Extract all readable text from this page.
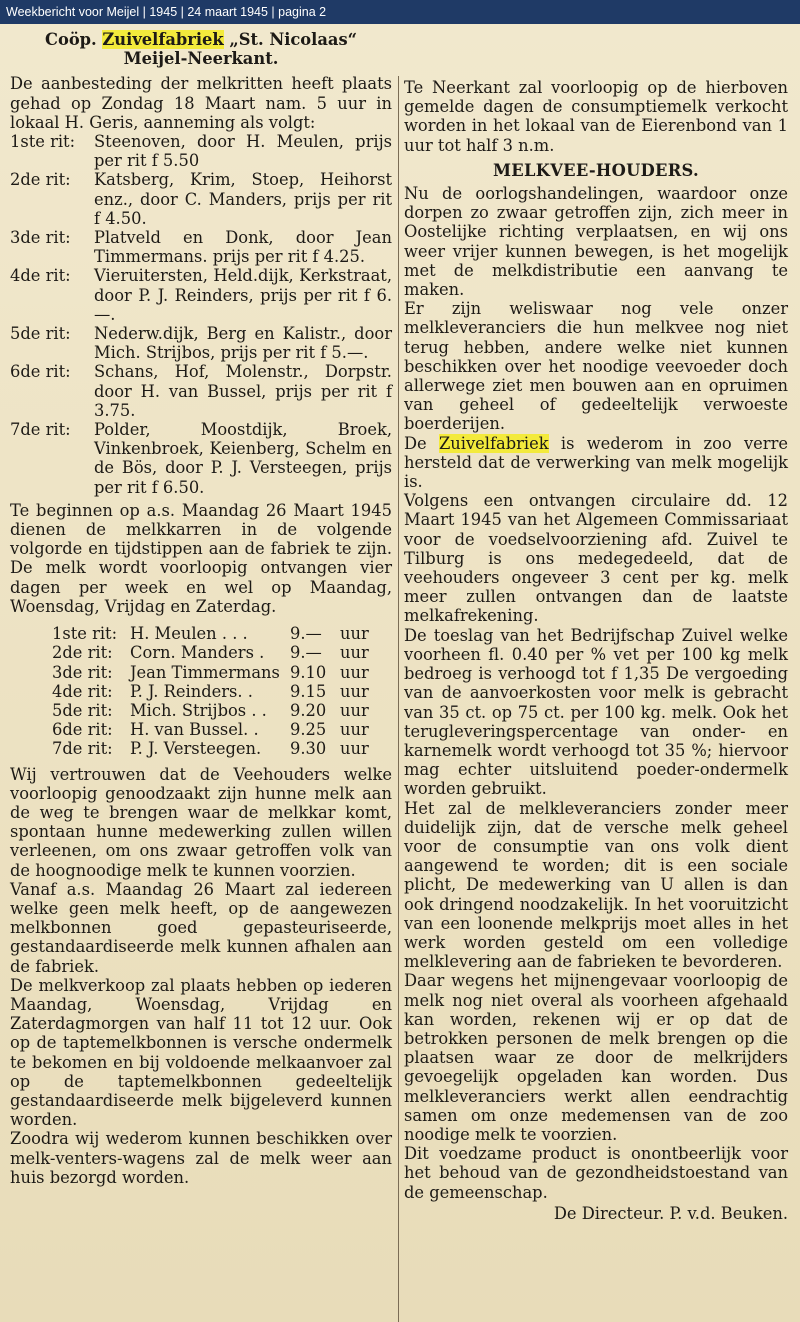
Weekbericht voor Meijel | 1945 | 24 maart 1945 | pagina 2
Coöp. Zuivelfabriek „St. Nicolaas“
Meijel-Neerkant.

De aanbesteding der melkritten heeft plaats gehad op Zondag 18 Maart nam. 5 uur in lokaal H. Geris, aanneming als volgt:

1ste rit:	Steenoven, door H. Meulen, prijs per rit f 5.50
2de rit:	Katsberg, Krim, Stoep, Heihorst enz., door C. Manders, prijs per rit f 4.50.
3de rit:	Platveld en Donk, door Jean Timmermans. prijs per rit f 4.25.
4de rit:	Vieruitersten, Held.dijk, Kerkstraat, door P. J. Reinders, prijs per rit f 6.—.
5de rit:	Nederw.dijk, Berg en Kalistr., door Mich. Strijbos, prijs per rit f 5.—.
6de rit:	Schans, Hof, Molenstr., Dorpstr. door H. van Bussel, prijs per rit f 3.75.
7de rit:	Polder, Moostdijk, Broek, Vinkenbroek, Keienberg, Schelm en de Bös, door P. J. Versteegen, prijs per rit f 6.50.

Te beginnen op a.s. Maandag 26 Maart 1945 dienen de melkkarren in de volgende volgorde en tijdstippen aan de fabriek te zijn. De melk wordt voorloopig ontvangen vier dagen per week en wel op Maandag, Woensdag, Vrijdag en Zaterdag.

1ste rit: H. Meulen . . .	9.—	uur
2de rit:	Corn. Manders .	9.—	uur
3de rit:	Jean Timmermans 9.10 uur
4de rit:	P. J. Reinders. .	9.15 uur
5de rit:	Mich. Strijbos . .	9.20 uur
6de rit:	H. van Bussel. .	9.25 uur
7de rit:	P. J. Versteegen.	9.30 uur

Wij vertrouwen dat de Veehouders welke voorloopig genoodzaakt zijn hunne melk aan de weg te brengen waar de melkkar komt, spontaan hunne medewerking zullen willen verleenen, om ons zwaar getroffen volk van de hoognoodige melk te kunnen voorzien.

Vanaf a.s. Maandag 26 Maart zal iedereen welke geen melk heeft, op de aangewezen melkbonnen goed gepasteuriseerde, gestandaardiseerde melk kunnen afhalen aan de fabriek.

De melkverkoop zal plaats hebben op iederen Maandag, Woensdag, Vrijdag en Zaterdagmorgen van half 11 tot 12 uur. Ook op de taptemelkbonnen is versche ondermelk te bekomen en bij voldoende melkaanvoer zal op de taptemelkbonnen gedeeltelijk gestandaardiseerde melk bijgeleverd kunnen worden.

Zoodra wij wederom kunnen beschikken over melk-venters-wagens zal de melk weer aan huis bezorgd worden.

Te Neerkant zal voorloopig op de hierboven gemelde dagen de consumptiemelk verkocht worden in het lokaal van de Eierenbond van 1 uur tot half 3 n.m.

MELKVEE-HOUDERS.

Nu de oorlogshandelingen, waardoor onze dorpen zo zwaar getroffen zijn, zich meer in Oostelijke richting verplaatsen, en wij ons weer vrijer kunnen bewegen, is het mogelijk met de melkdistributie een aanvang te maken.

Er zijn weliswaar nog vele onzer melkleveranciers die hun melkvee nog niet terug hebben, andere welke niet kunnen beschikken over het noodige veevoeder doch allerwege ziet men bouwen aan en opruimen van geheel of gedeeltelijk verwoeste boerderijen.

De Zuivelfabriek is wederom in zoo verre hersteld dat de verwerking van melk mogelijk is.

Volgens een ontvangen circulaire dd. 12 Maart 1945 van het Algemeen Commissariaat voor de voedselvoorziening afd. Zuivel te Tilburg is ons medegedeeld, dat de veehouders ongeveer 3 cent per kg. melk meer zullen ontvangen dan de laatste melkafrekening.

De toeslag van het Bedrijfschap Zuivel welke voorheen fl. 0.40 per % vet per 100 kg melk bedroeg is verhoogd tot f 1,35 De vergoeding van de aanvoerkosten voor melk is gebracht van 35 ct. op 75 ct. per 100 kg. melk. Ook het terugleveringspercentage van onder- en karnemelk wordt verhoogd tot 35 %; hiervoor mag echter uitsluitend poeder-ondermelk worden gebruikt.

Het zal de melkleveranciers zonder meer duidelijk zijn, dat de versche melk geheel voor de consumptie van ons volk dient aangewend te worden; dit is een sociale plicht, De medewerking van U allen is dan ook dringend noodzakelijk. In het vooruitzicht van een loonende melkprijs moet alles in het werk worden gesteld om een volledige melklevering aan de fabrieken te bevorderen.

Daar wegens het mijnengevaar voorloopig de melk nog niet overal als voorheen afgehaald kan worden, rekenen wij er op dat de betrokken personen de melk brengen op die plaatsen waar ze door de melkrijders gevoegelijk opgeladen kan worden. Dus melkleveranciers werkt allen eendrachtig samen om onze medemensen van de zoo noodige melk te voorzien.

Dit voedzame product is onontbeerlijk voor het behoud van de gezondheidstoestand van de gemeenschap.

De Directeur. P. v.d. Beuken.
